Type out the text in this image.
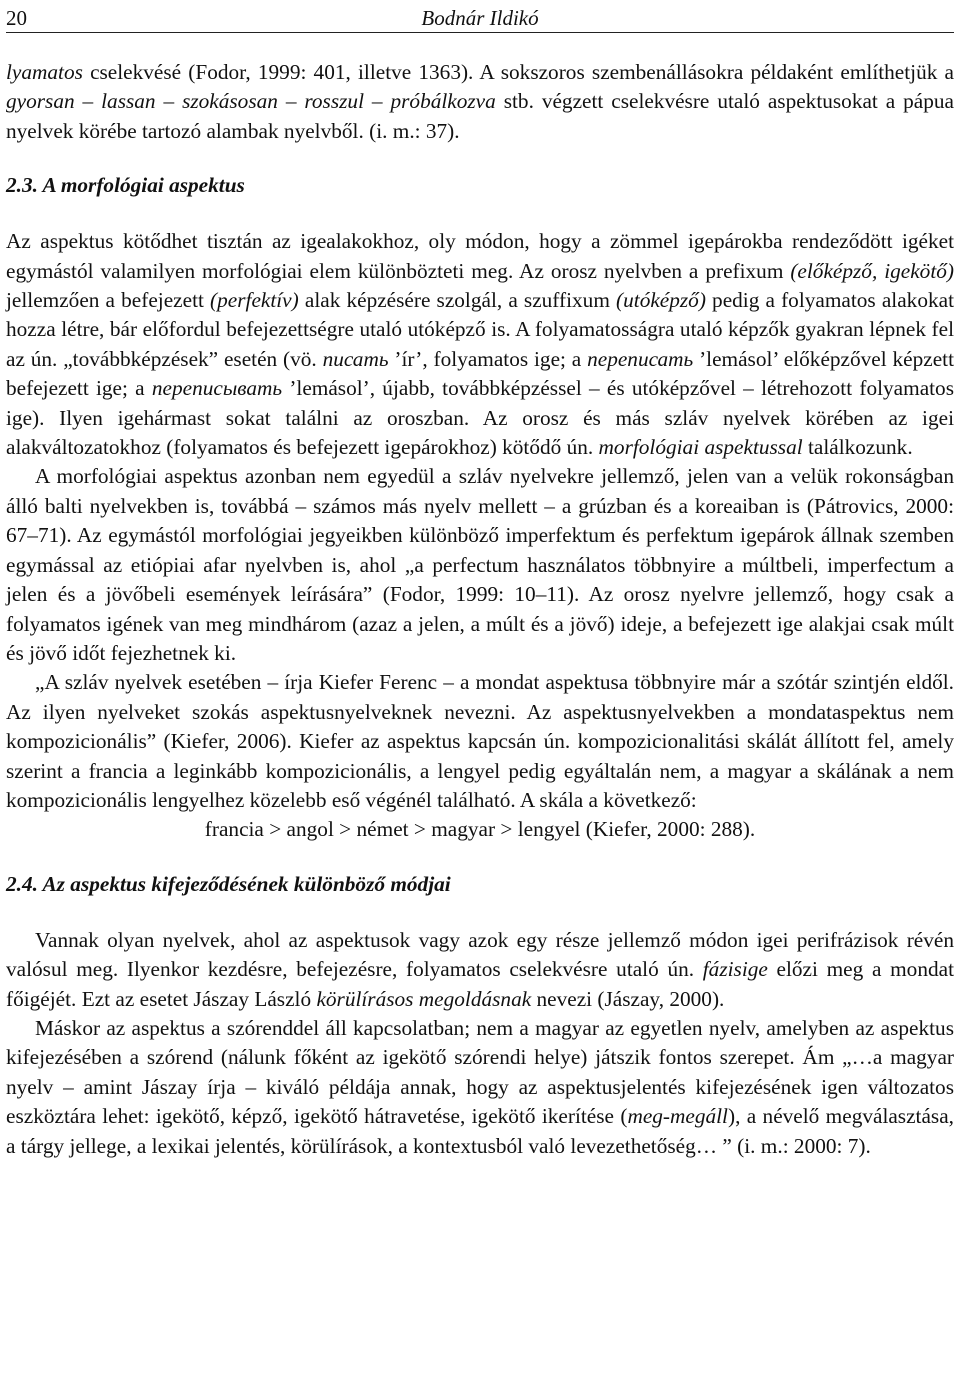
20	Bodnár Ildikó

lyamatos cselekvésé (Fodor, 1999: 401, illetve 1363). A sokszoros szembenállásokra példaként említhetjük a gyorsan – lassan – szokásosan – rosszul – próbálkozva stb. végzett cselekvésre utaló aspektusokat a pápua nyelvek körébe tartozó alambak nyelvből. (i. m.: 37).

2.3. A morfológiai aspektus

Az aspektus kötődhet tisztán az igealakokhoz, oly módon, hogy a zömmel igepárokba rendeződött igéket egymástól valamilyen morfológiai elem különbözteti meg. Az orosz nyelvben a prefixum (előképző, igekötő) jellemzően a befejezett (perfektív) alak képzésére szolgál, a szuffixum (utóképző) pedig a folyamatos alakokat hozza létre, bár előfordul befejezettségre utaló utóképző is. A folyamatosságra utaló képzők gyakran lépnek fel az ún. „továbbképzések” esetén (vö. писать ’ír’, folyamatos ige; a переписать ’lemásol’ előképzővel képzett befejezett ige; a переписывать ’lemásol’, újabb, továbbképzéssel – és utóképzővel – létrehozott folyamatos ige). Ilyen igehármast sokat találni az oroszban. Az orosz és más szláv nyelvek körében az igei alakváltozatokhoz (folyamatos és befejezett igepárokhoz) kötődő ún. morfológiai aspektussal találkozunk.

A morfológiai aspektus azonban nem egyedül a szláv nyelvekre jellemző, jelen van a velük rokonságban álló balti nyelvekben is, továbbá – számos más nyelv mellett – a grúzban és a koreaiban is (Pátrovics, 2000: 67–71). Az egymástól morfológiai jegyeikben különböző imperfektum és perfektum igepárok állnak szemben egymással az etiópiai afar nyelvben is, ahol „a perfectum használatos többnyire a múltbeli, imperfectum a jelen és a jövőbeli események leírására” (Fodor, 1999: 10–11). Az orosz nyelvre jellemző, hogy csak a folyamatos igének van meg mindhárom (azaz a jelen, a múlt és a jövő) ideje, a befejezett ige alakjai csak múlt és jövő időt fejezhetnek ki.

„A szláv nyelvek esetében – írja Kiefer Ferenc – a mondat aspektusa többnyire már a szótár szintjén eldől. Az ilyen nyelveket szokás aspektusnyelveknek nevezni. Az aspektusnyelvekben a mondataspektus nem kompozicionális” (Kiefer, 2006). Kiefer az aspektus kapcsán ún. kompozicionalitási skálát állított fel, amely szerint a francia a leginkább kompozicionális, a lengyel pedig egyáltalán nem, a magyar a skálának a nem kompozicionális lengyelhez közelebb eső végénél található. A skála a következő:

francia > angol > német > magyar > lengyel (Kiefer, 2000: 288).

2.4. Az aspektus kifejeződésének különböző módjai

Vannak olyan nyelvek, ahol az aspektusok vagy azok egy része jellemző módon igei perifrázisok révén valósul meg. Ilyenkor kezdésre, befejezésre, folyamatos cselekvésre utaló ún. fázisige előzi meg a mondat főigéjét. Ezt az esetet Jászay László körülírásos megoldásnak nevezi (Jászay, 2000).

Máskor az aspektus a szórenddel áll kapcsolatban; nem a magyar az egyetlen nyelv, amelyben az aspektus kifejezésében a szórend (nálunk főként az igekötő szórendi helye) játszik fontos szerepet. Ám „…a magyar nyelv – amint Jászay írja – kiváló példája annak, hogy az aspektusjelentés kifejezésének igen változatos eszköztára lehet: igekötő, képző, igekötő hátravetése, igekötő ikerítése (meg-megáll), a névelő megválasztása, a tárgy jellege, a lexikai jelentés, körülírások, a kontextusból való levezethetőség… ” (i. m.: 2000: 7).
